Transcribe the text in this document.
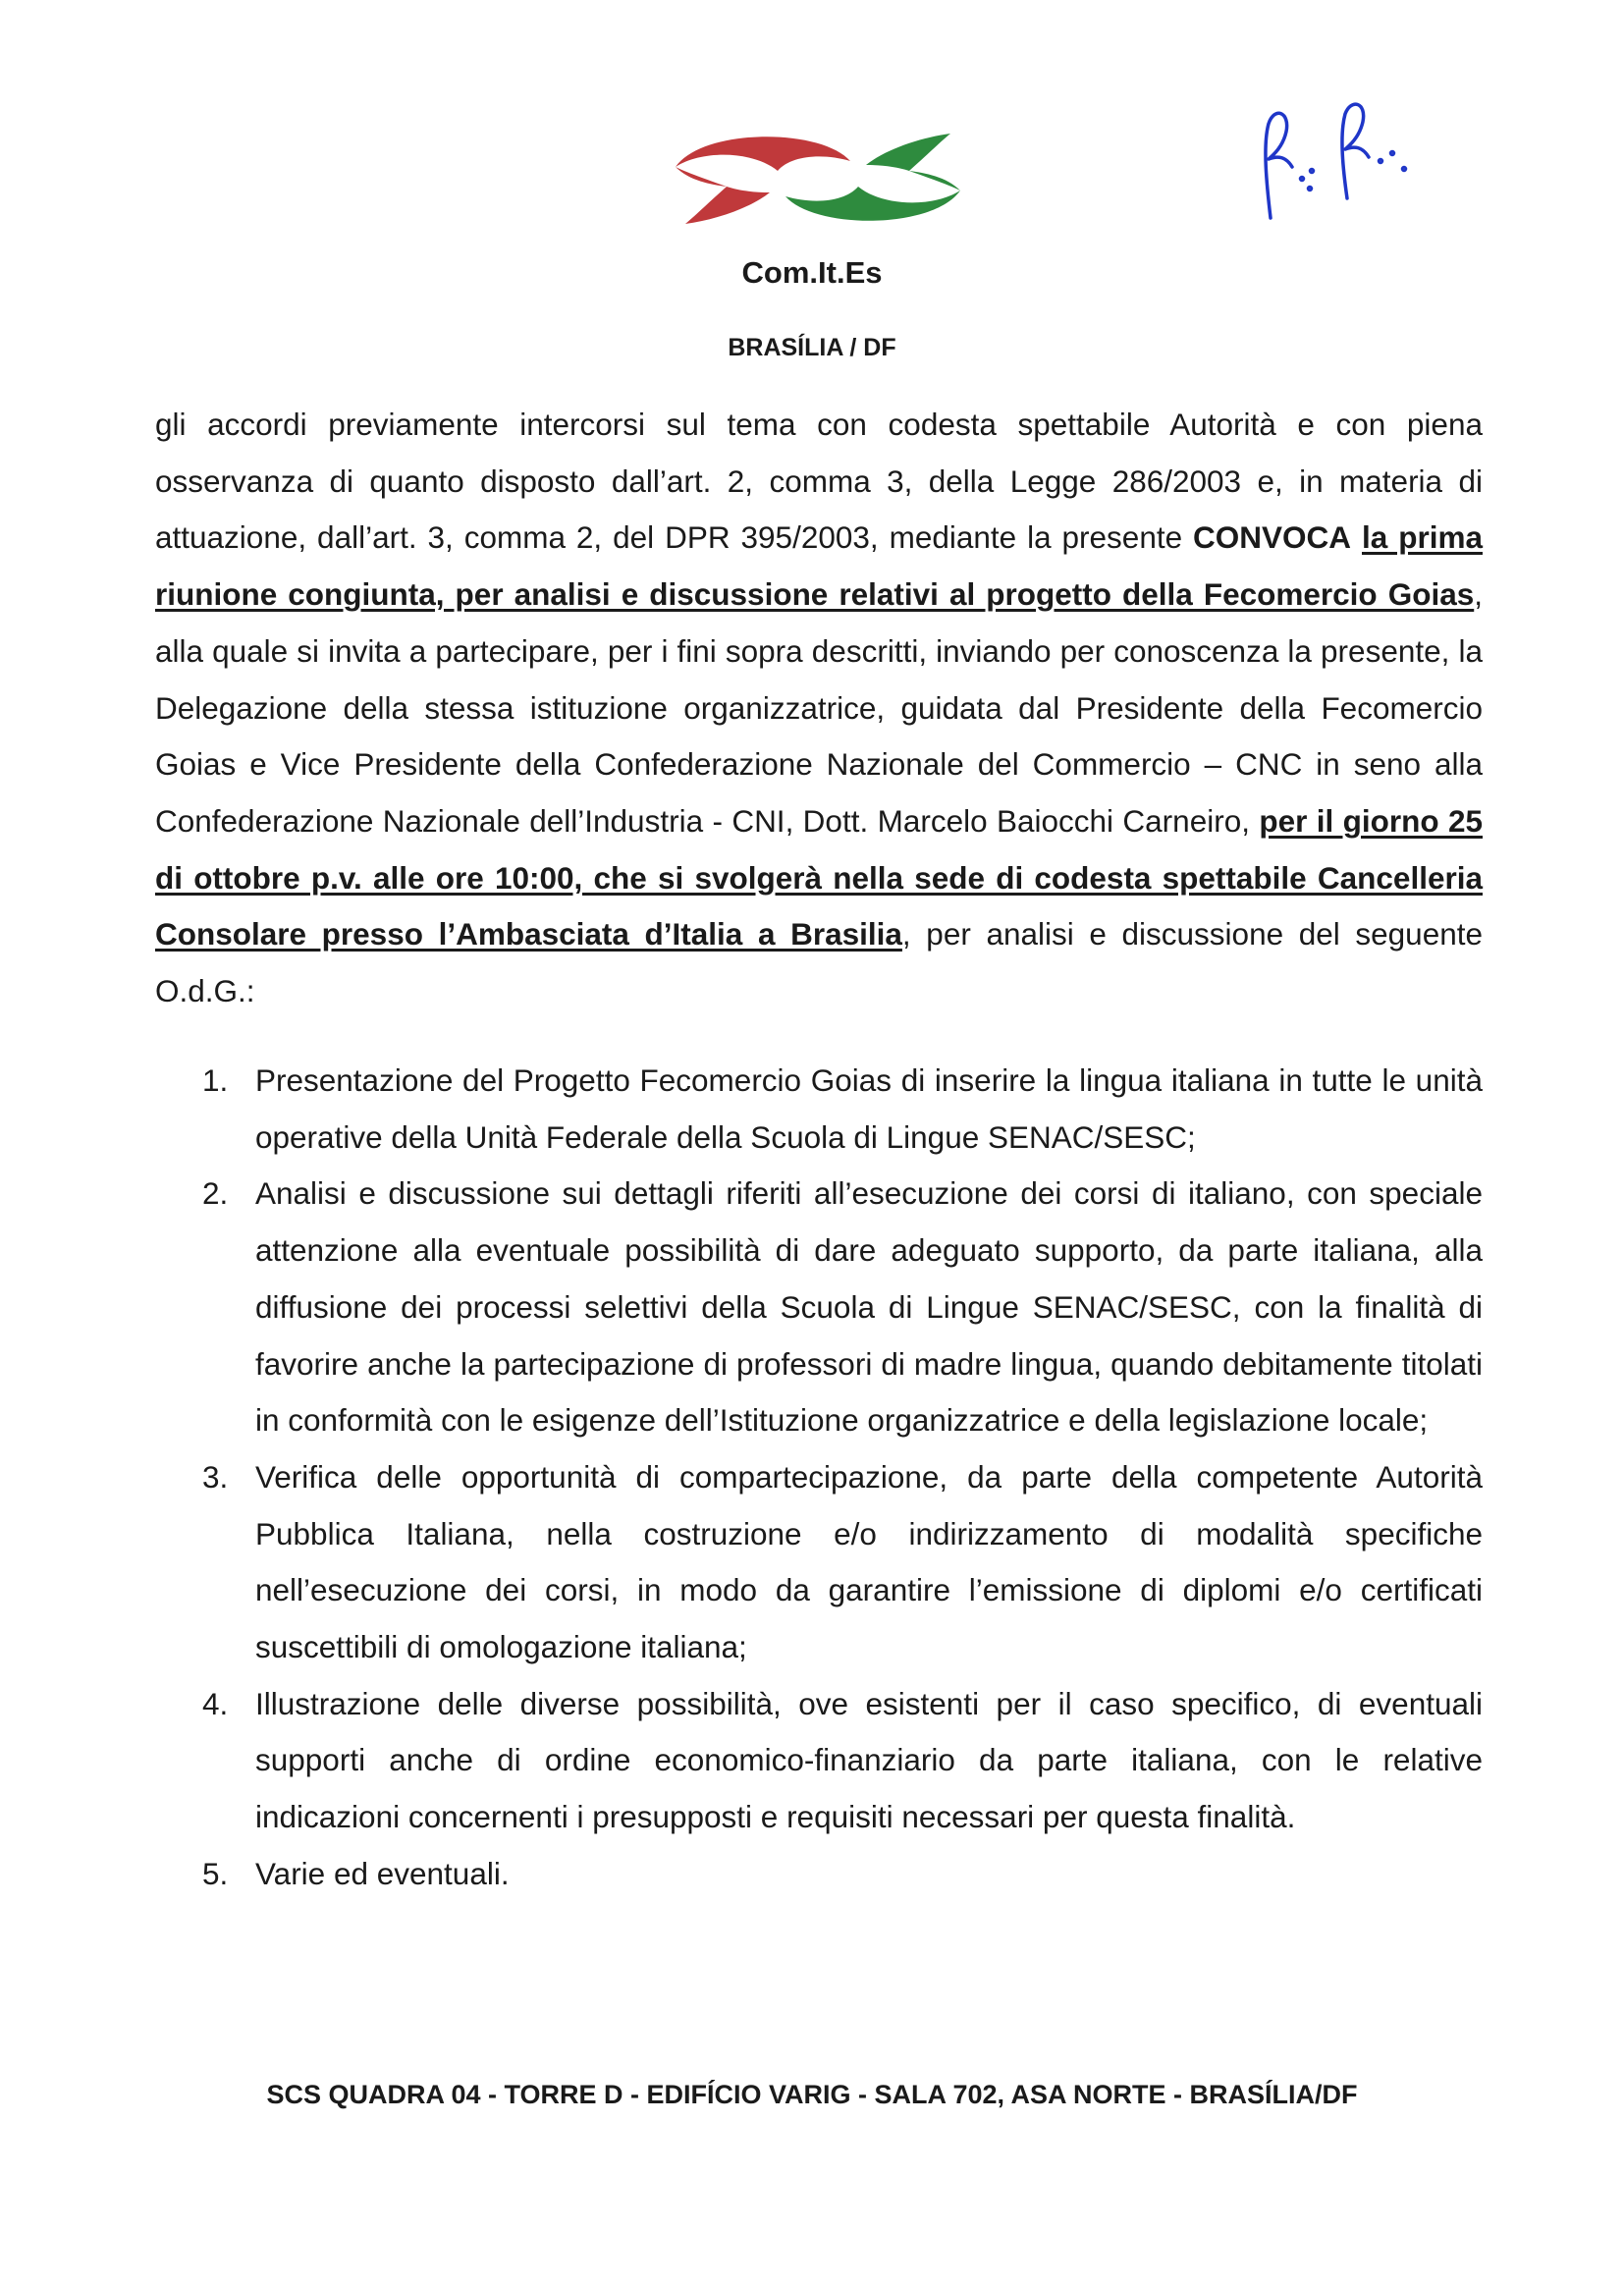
Com.It.Es
BRASÍLIA / DF

gli accordi previamente intercorsi sul tema con codesta spettabile Autorità e con piena osservanza di quanto disposto dall’art. 2, comma 3, della Legge 286/2003 e, in materia di attuazione, dall’art. 3, comma 2, del DPR 395/2003, mediante la presente CONVOCA la prima riunione congiunta, per analisi e discussione relativi al progetto della Fecomercio Goias, alla quale si invita a partecipare, per i fini sopra descritti, inviando per conoscenza la presente, la Delegazione della stessa istituzione organizzatrice, guidata dal Presidente della Fecomercio Goias e Vice Presidente della Confederazione Nazionale del Commercio – CNC in seno alla Confederazione Nazionale dell’Industria - CNI, Dott. Marcelo Baiocchi Carneiro, per il giorno 25 di ottobre p.v. alle ore 10:00, che si svolgerà nella sede di codesta spettabile Cancelleria Consolare presso l’Ambasciata d’Italia a Brasilia, per analisi e discussione del seguente O.d.G.:

1. Presentazione del Progetto Fecomercio Goias di inserire la lingua italiana in tutte le unità operative della Unità Federale della Scuola di Lingue SENAC/SESC;
2. Analisi e discussione sui dettagli riferiti all’esecuzione dei corsi di italiano, con speciale attenzione alla eventuale possibilità di dare adeguato supporto, da parte italiana, alla diffusione dei processi selettivi della Scuola di Lingue SENAC/SESC, con la finalità di favorire anche la partecipazione di professori di madre lingua, quando debitamente titolati in conformità con le esigenze dell’Istituzione organizzatrice e della legislazione locale;
3. Verifica delle opportunità di compartecipazione, da parte della competente Autorità Pubblica Italiana, nella costruzione e/o indirizzamento di modalità specifiche nell’esecuzione dei corsi, in modo da garantire l’emissione di diplomi e/o certificati suscettibili di omologazione italiana;
4. Illustrazione delle diverse possibilità, ove esistenti per il caso specifico, di eventuali supporti anche di ordine economico-finanziario da parte italiana, con le relative indicazioni concernenti i presupposti e requisiti necessari per questa finalità.
5. Varie ed eventuali.
SCS QUADRA 04 - TORRE D - EDIFÍCIO VARIG - SALA 702, ASA NORTE - BRASÍLIA/DF
